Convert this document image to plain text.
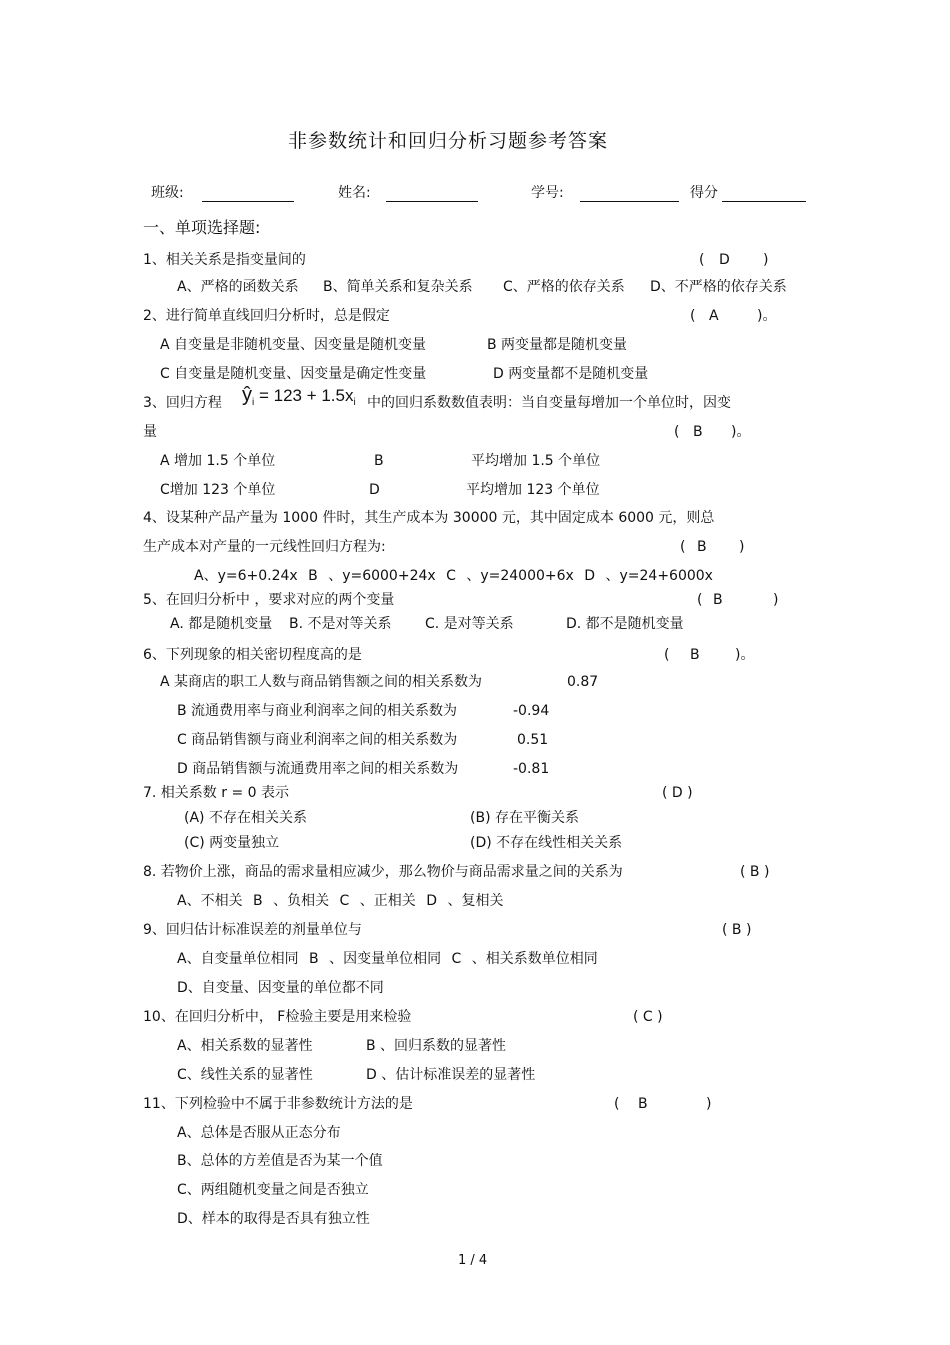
非参数统计和回归分析习题参考答案
班级:	姓名:	学号:	得分
一、单项选择题:
1、相关关系是指变量间的	( D )
A、严格的函数关系 B、简单关系和复杂关系 C、严格的依存关系 D、不严格的依存关系
2、进行简单直线回归分析时，总是假定	( A	)。
A 自变量是非随机变量、因变量是随机变量	B 两变量都是随机变量
C 自变量是随机变量、因变量是确定性变量	D 两变量都不是随机变量
3、回归方程 $ŷ_i = 123 + 1.5x_i$ 中的回归系数数值表明：当自变量每增加一个单位时，因变
量	( B )。
A 增加 1.5 个单位	B	平均增加 1.5 个单位
C增加 123 个单位	D	平均增加 123 个单位
4、设某种产品产量为 1000 件时，其生产成本为 30000 元，其中固定成本 6000 元，则总
生产成本对产量的一元线性回归方程为:	( B )
A、y=6+0.24x B 、y=6000+24x C 、y=24000+6x D 、y=24+6000x
5、在回归分析中 ，要求对应的两个变量	( B	)
A. 都是随机变量 B. 不是对等关系 C. 是对等关系	D. 都不是随机变量
6、下列现象的相关密切程度高的是	( B	)。
A 某商店的职工人数与商品销售额之间的相关系数为	0.87
B 流通费用率与商业利润率之间的相关系数为	-0.94
C 商品销售额与商业利润率之间的相关系数为	0.51
D 商品销售额与流通费用率之间的相关系数为	-0.81
7. 相关系数 r = 0 表示	( D )
(A) 不存在相关关系	(B) 存在平衡关系
(C) 两变量独立	(D) 不存在线性相关关系
8. 若物价上涨，商品的需求量相应减少，那么物价与商品需求量之间的关系为	( B )
A、不相关 B 、负相关 C 、正相关 D 、复相关
9、回归估计标准误差的剂量单位与	( B )
A、自变量单位相同 B 、因变量单位相同 C 、相关系数单位相同
D、自变量、因变量的单位都不同
10、在回归分析中， F检验主要是用来检验	( C )
A、相关系数的显著性	B 、回归系数的显著性
C、线性关系的显著性	D 、估计标准误差的显著性
11、下列检验中不属于非参数统计方法的是	( B	)
A、总体是否服从正态分布
B、总体的方差值是否为某一个值
C、两组随机变量之间是否独立
D、样本的取得是否具有独立性
1 / 4
